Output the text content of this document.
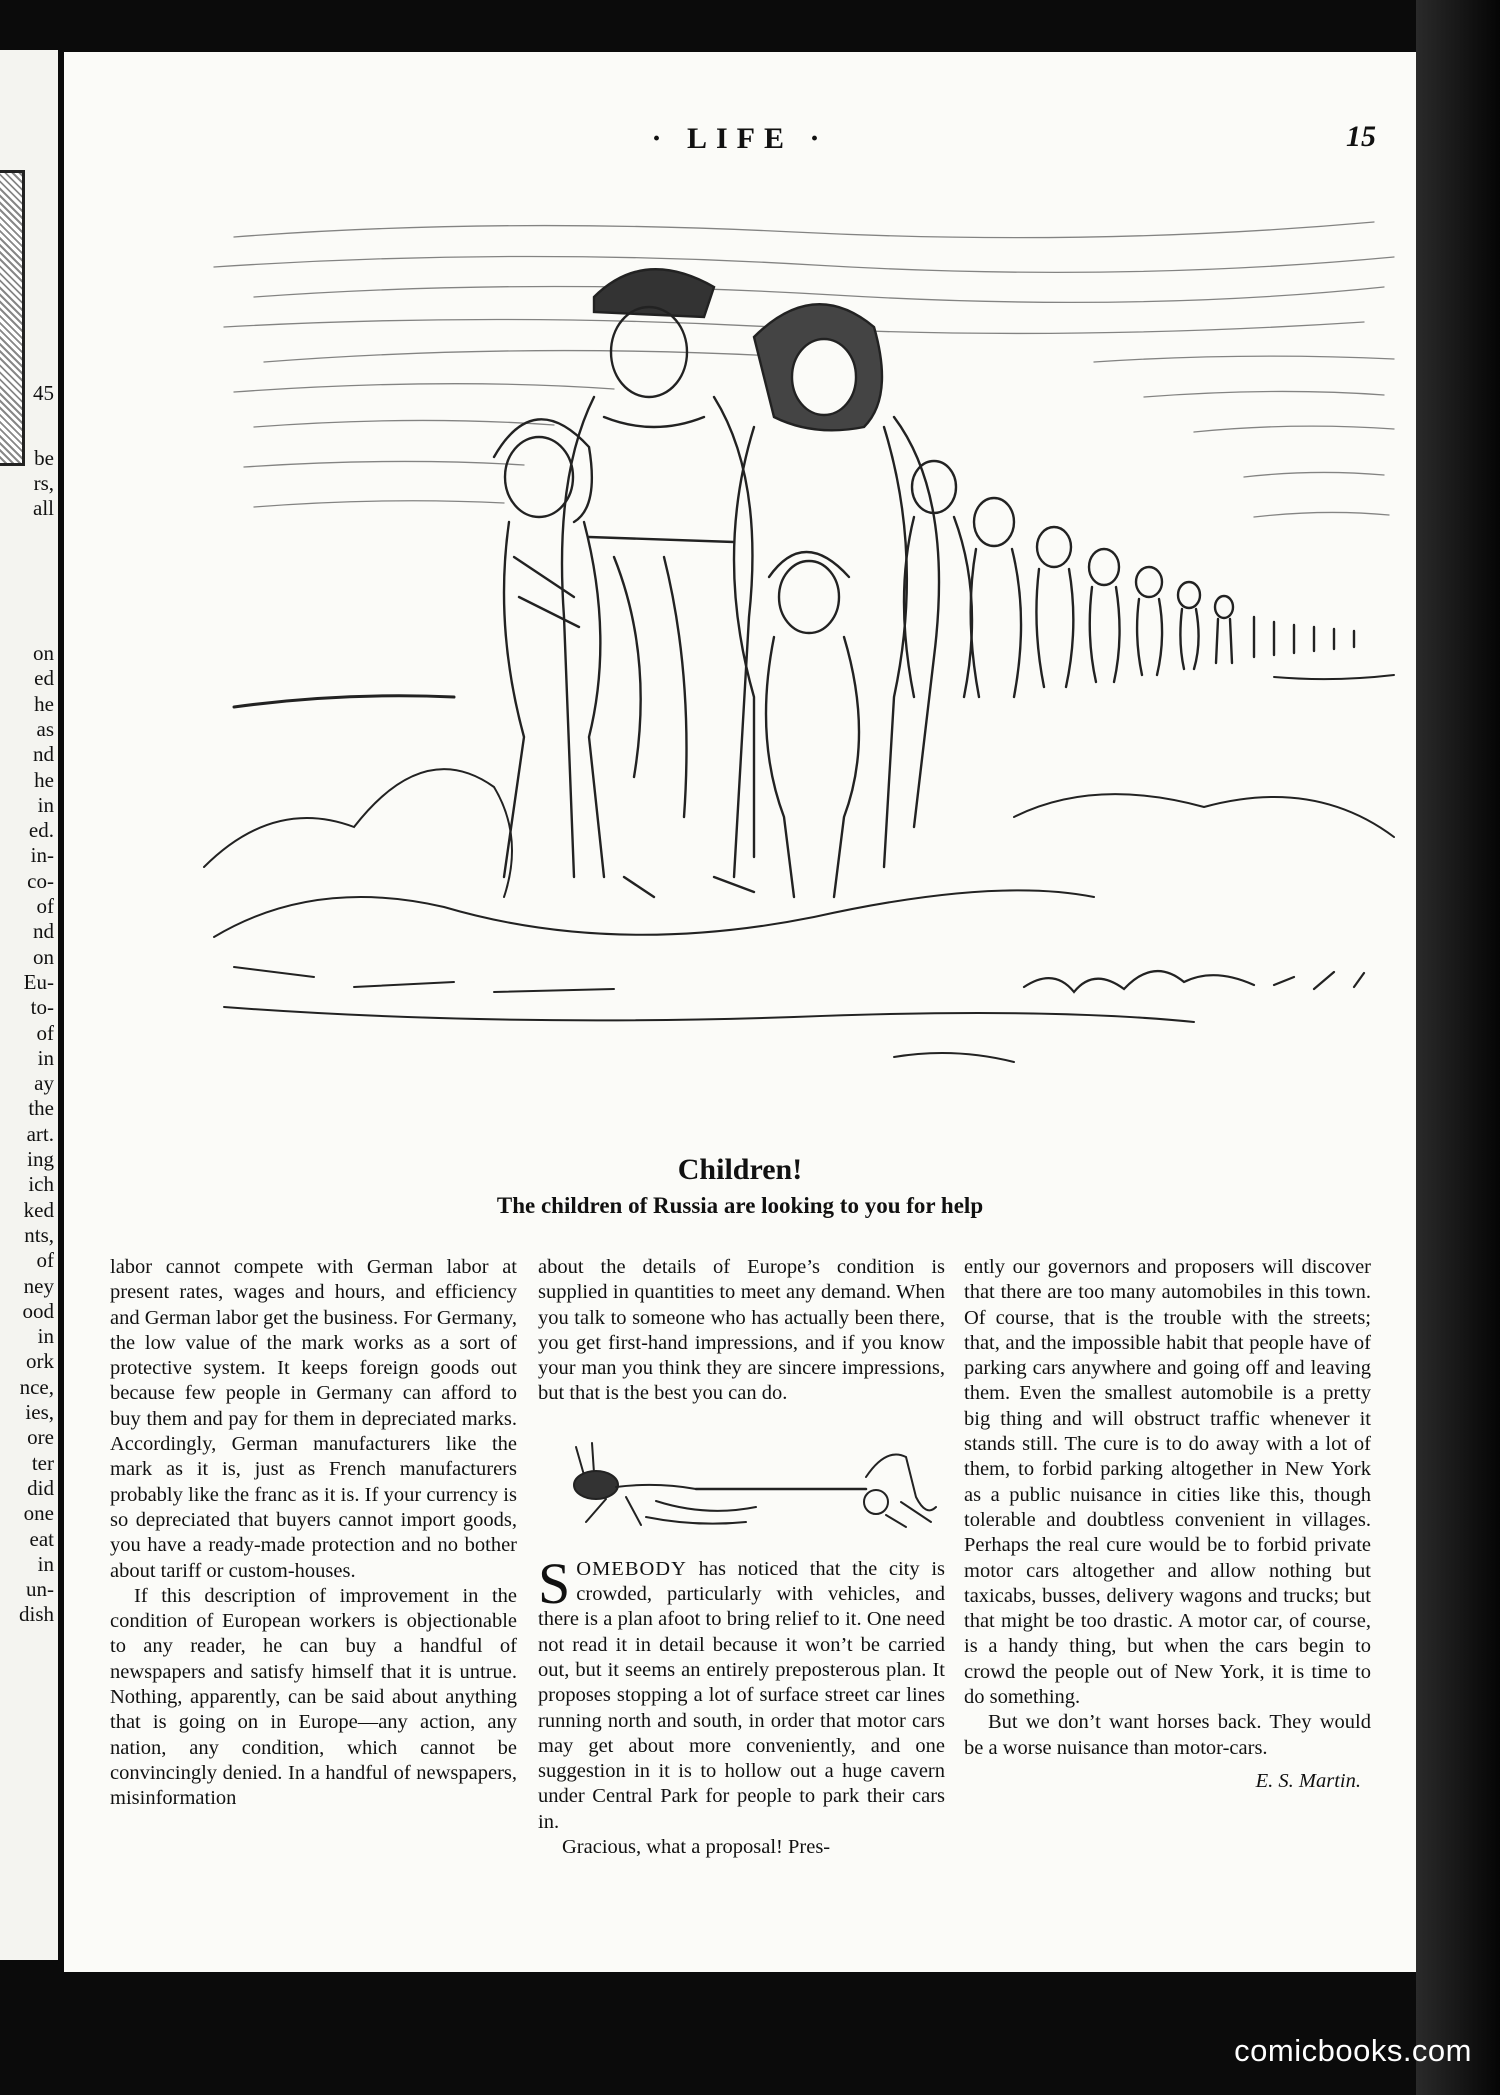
45
be
rs,
all
on
ed
he
as
nd
he
in
ed.
in-
co-
of
nd
on
Eu-
to-
of
in
ay
the
art.
ing
ich
ked
nts,
of
ney
ood
in
ork
nce,
ies,
ore
ter
did
one
eat
in
un-
dish
· LIFE ·	15
Children!
The children of Russia are looking to you for help

labor cannot compete with German labor at present rates, wages and hours, and efficiency and German labor get the business. For Germany, the low value of the mark works as a sort of protective system. It keeps foreign goods out because few people in Germany can afford to buy them and pay for them in depreciated marks. Accordingly, German manufacturers like the mark as it is, just as French manufacturers probably like the franc as it is. If your currency is so depreciated that buyers cannot import goods, you have a ready-made protection and no bother about tariff or custom-houses.

If this description of improvement in the condition of European workers is objectionable to any reader, he can buy a handful of newspapers and satisfy himself that it is untrue. Nothing, apparently, can be said about anything that is going on in Europe—any action, any nation, any condition, which cannot be convincingly denied. In a handful of newspapers, misinformation

about the details of Europe’s condition is supplied in quantities to meet any demand. When you talk to someone who has actually been there, you get first-hand impressions, and if you know your man you think they are sincere impressions, but that is the best you can do.

SOMEBODY has noticed that the city is crowded, particularly with vehicles, and there is a plan afoot to bring relief to it. One need not read it in detail because it won’t be carried out, but it seems an entirely preposterous plan. It proposes stopping a lot of surface street car lines running north and south, in order that motor cars may get about more conveniently, and one suggestion in it is to hollow out a huge cavern under Central Park for people to park their cars in.

Gracious, what a proposal! Pres-

ently our governors and proposers will discover that there are too many automobiles in this town. Of course, that is the trouble with the streets; that, and the impossible habit that people have of parking cars anywhere and going off and leaving them. Even the smallest automobile is a pretty big thing and will obstruct traffic whenever it stands still. The cure is to do away with a lot of them, to forbid parking altogether in New York as a public nuisance in cities like this, though tolerable and doubtless convenient in villages. Perhaps the real cure would be to forbid private motor cars altogether and allow nothing but taxicabs, busses, delivery wagons and trucks; but that might be too drastic. A motor car, of course, is a handy thing, but when the cars begin to crowd the people out of New York, it is time to do something.

But we don’t want horses back. They would be a worse nuisance than motor-cars.

E. S. Martin.
comicbooks.com
